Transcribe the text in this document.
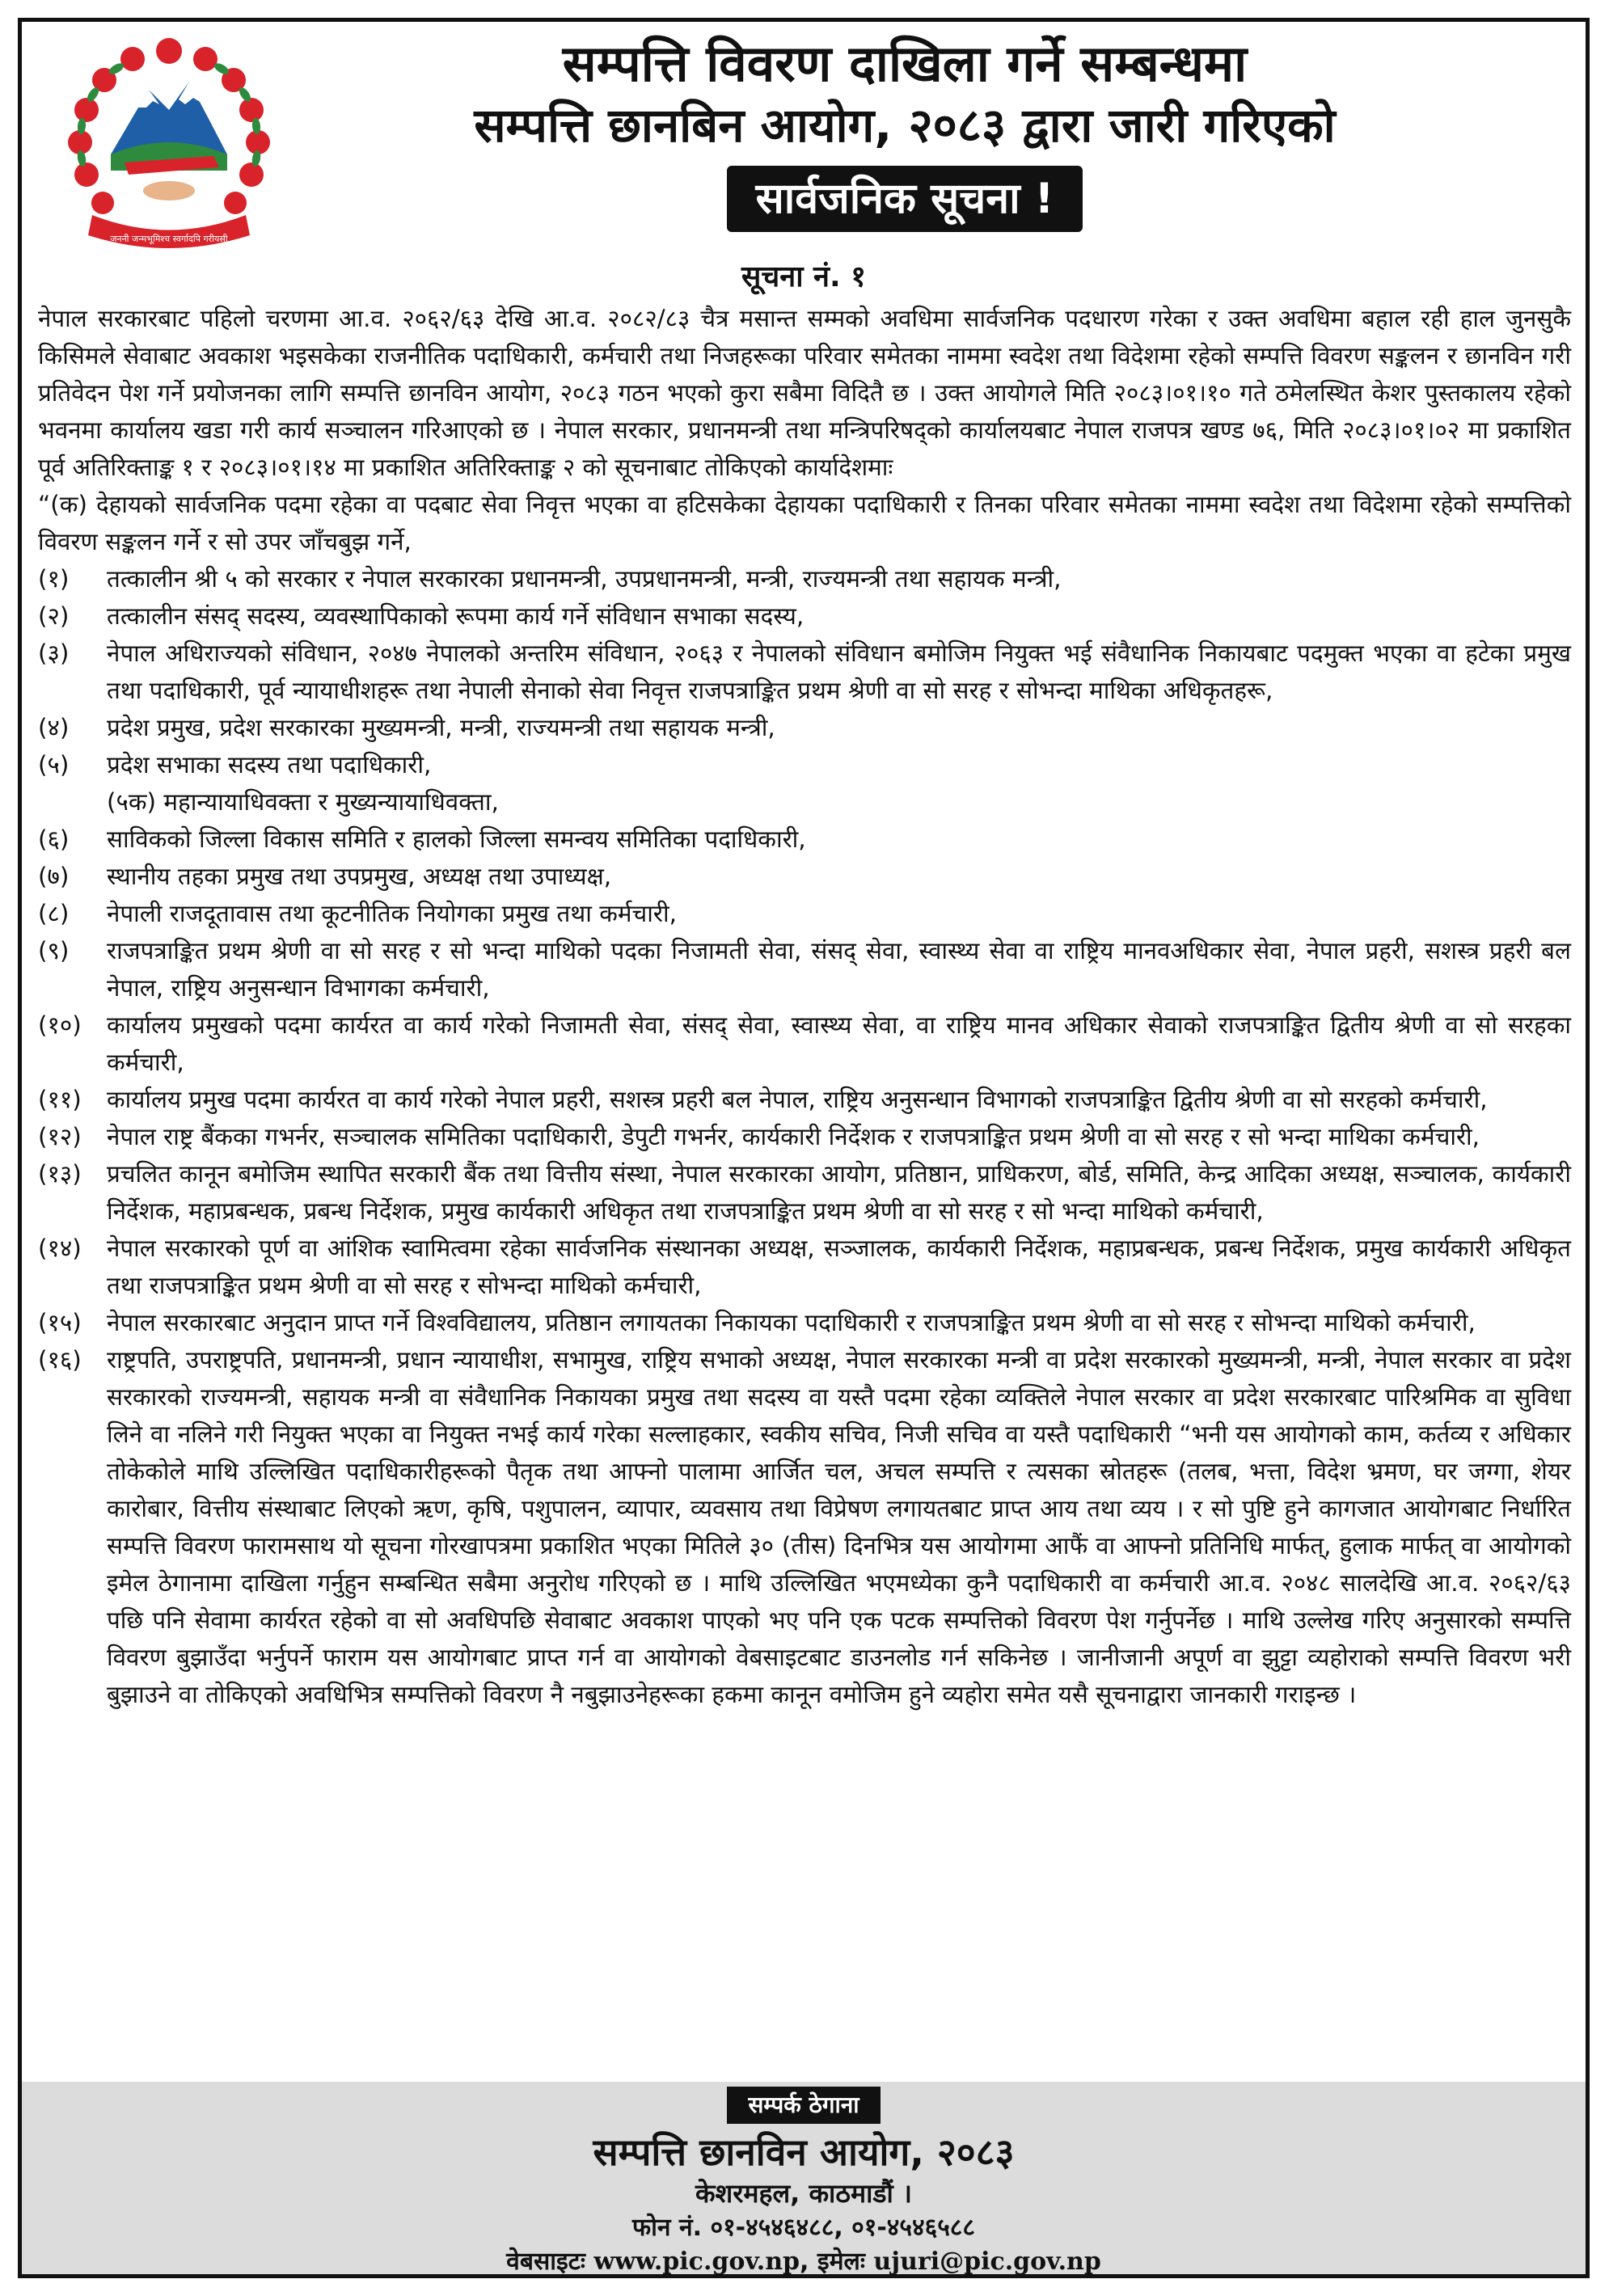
जननी जन्मभूमिश्च स्वर्गादपि गरीयसी
सम्पत्ति विवरण दाखिला गर्ने सम्बन्धमा
सम्पत्ति छानबिन आयोग, २०८३ द्वारा जारी गरिएको
सार्वजनिक सूचना !
सूचना नं. १

नेपाल सरकारबाट पहिलो चरणमा आ.व. २०६२/६३ देखि आ.व. २०८२/८३ चैत्र मसान्त सम्मको अवधिमा सार्वजनिक पदधारण गरेका र उक्त अवधिमा बहाल रही हाल जुनसुकै किसिमले सेवाबाट अवकाश भइसकेका राजनीतिक पदाधिकारी, कर्मचारी तथा निजहरूका परिवार समेतका नाममा स्वदेश तथा विदेशमा रहेको सम्पत्ति विवरण सङ्कलन र छानविन गरी प्रतिवेदन पेश गर्ने प्रयोजनका लागि सम्पत्ति छानविन आयोग, २०८३ गठन भएको कुरा सबैमा विदितै छ । उक्त आयोगले मिति २०८३।०१।१० गते ठमेलस्थित केशर पुस्तकालय रहेको भवनमा कार्यालय खडा गरी कार्य सञ्चालन गरिआएको छ । नेपाल सरकार, प्रधानमन्त्री तथा मन्त्रिपरिषद्को कार्यालयबाट नेपाल राजपत्र खण्ड ७६, मिति २०८३।०१।०२ मा प्रकाशित पूर्व अतिरिक्ताङ्क १ र २०८३।०१।१४ मा प्रकाशित अतिरिक्ताङ्क २ को सूचनाबाट तोकिएको कार्यादेशमाः

“(क) देहायको सार्वजनिक पदमा रहेका वा पदबाट सेवा निवृत्त भएका वा हटिसकेका देहायका पदाधिकारी र तिनका परिवार समेतका नाममा स्वदेश तथा विदेशमा रहेको सम्पत्तिको विवरण सङ्कलन गर्ने र सो उपर जाँचबुझ गर्ने,

(१) तत्कालीन श्री ५ को सरकार र नेपाल सरकारका प्रधानमन्त्री, उपप्रधानमन्त्री, मन्त्री, राज्यमन्त्री तथा सहायक मन्त्री,
(२) तत्कालीन संसद् सदस्य, व्यवस्थापिकाको रूपमा कार्य गर्ने संविधान सभाका सदस्य,
(३) नेपाल अधिराज्यको संविधान, २०४७ नेपालको अन्तरिम संविधान, २०६३ र नेपालको संविधान बमोजिम नियुक्त भई संवैधानिक निकायबाट पदमुक्त भएका वा हटेका प्रमुख तथा पदाधिकारी, पूर्व न्यायाधीशहरू तथा नेपाली सेनाको सेवा निवृत्त राजपत्राङ्कित प्रथम श्रेणी वा सो सरह र सोभन्दा माथिका अधिकृतहरू,
(४) प्रदेश प्रमुख, प्रदेश सरकारका मुख्यमन्त्री, मन्त्री, राज्यमन्त्री तथा सहायक मन्त्री,
(५) प्रदेश सभाका सदस्य तथा पदाधिकारी,
(५क) महान्यायाधिवक्ता र मुख्यन्यायाधिवक्ता,
(६) साविकको जिल्ला विकास समिति र हालको जिल्ला समन्वय समितिका पदाधिकारी,
(७) स्थानीय तहका प्रमुख तथा उपप्रमुख, अध्यक्ष तथा उपाध्यक्ष,
(८) नेपाली राजदूतावास तथा कूटनीतिक नियोगका प्रमुख तथा कर्मचारी,
(९) राजपत्राङ्कित प्रथम श्रेणी वा सो सरह र सो भन्दा माथिको पदका निजामती सेवा, संसद् सेवा, स्वास्थ्य सेवा वा राष्ट्रिय मानवअधिकार सेवा, नेपाल प्रहरी, सशस्त्र प्रहरी बल नेपाल, राष्ट्रिय अनुसन्धान विभागका कर्मचारी,
(१०) कार्यालय प्रमुखको पदमा कार्यरत वा कार्य गरेको निजामती सेवा, संसद् सेवा, स्वास्थ्य सेवा, वा राष्ट्रिय मानव अधिकार सेवाको राजपत्राङ्कित द्वितीय श्रेणी वा सो सरहका कर्मचारी,
(११) कार्यालय प्रमुख पदमा कार्यरत वा कार्य गरेको नेपाल प्रहरी, सशस्त्र प्रहरी बल नेपाल, राष्ट्रिय अनुसन्धान विभागको राजपत्राङ्कित द्वितीय श्रेणी वा सो सरहको कर्मचारी,
(१२) नेपाल राष्ट्र बैंकका गभर्नर, सञ्चालक समितिका पदाधिकारी, डेपुटी गभर्नर, कार्यकारी निर्देशक र राजपत्राङ्कित प्रथम श्रेणी वा सो सरह र सो भन्दा माथिका कर्मचारी,
(१३) प्रचलित कानून बमोजिम स्थापित सरकारी बैंक तथा वित्तीय संस्था, नेपाल सरकारका आयोग, प्रतिष्ठान, प्राधिकरण, बोर्ड, समिति, केन्द्र आदिका अध्यक्ष, सञ्चालक, कार्यकारी निर्देशक, महाप्रबन्धक, प्रबन्ध निर्देशक, प्रमुख कार्यकारी अधिकृत तथा राजपत्राङ्कित प्रथम श्रेणी वा सो सरह र सो भन्दा माथिको कर्मचारी,
(१४) नेपाल सरकारको पूर्ण वा आंशिक स्वामित्वमा रहेका सार्वजनिक संस्थानका अध्यक्ष, सञ्जालक, कार्यकारी निर्देशक, महाप्रबन्धक, प्रबन्ध निर्देशक, प्रमुख कार्यकारी अधिकृत तथा राजपत्राङ्कित प्रथम श्रेणी वा सो सरह र सोभन्दा माथिको कर्मचारी,
(१५) नेपाल सरकारबाट अनुदान प्राप्त गर्ने विश्वविद्यालय, प्रतिष्ठान लगायतका निकायका पदाधिकारी र राजपत्राङ्कित प्रथम श्रेणी वा सो सरह र सोभन्दा माथिको कर्मचारी,
(१६) राष्ट्रपति, उपराष्ट्रपति, प्रधानमन्त्री, प्रधान न्यायाधीश, सभामुख, राष्ट्रिय सभाको अध्यक्ष, नेपाल सरकारका मन्त्री वा प्रदेश सरकारको मुख्यमन्त्री, मन्त्री, नेपाल सरकार वा प्रदेश सरकारको राज्यमन्त्री, सहायक मन्त्री वा संवैधानिक निकायका प्रमुख तथा सदस्य वा यस्तै पदमा रहेका व्यक्तिले नेपाल सरकार वा प्रदेश सरकारबाट पारिश्रमिक वा सुविधा लिने वा नलिने गरी नियुक्त भएका वा नियुक्त नभई कार्य गरेका सल्लाहकार, स्वकीय सचिव, निजी सचिव वा यस्तै पदाधिकारी “भनी यस आयोगको काम, कर्तव्य र अधिकार तोकेकोले माथि उल्लिखित पदाधिकारीहरूको पैतृक तथा आफ्नो पालामा आर्जित चल, अचल सम्पत्ति र त्यसका स्रोतहरू (तलब, भत्ता, विदेश भ्रमण, घर जग्गा, शेयर कारोबार, वित्तीय संस्थाबाट लिएको ऋण, कृषि, पशुपालन, व्यापार, व्यवसाय तथा विप्रेषण लगायतबाट प्राप्त आय तथा व्यय । र सो पुष्टि हुने कागजात आयोगबाट निर्धारित सम्पत्ति विवरण फारामसाथ यो सूचना गोरखापत्रमा प्रकाशित भएका मितिले ३० (तीस) दिनभित्र यस आयोगमा आफैं वा आफ्नो प्रतिनिधि मार्फत्, हुलाक मार्फत् वा आयोगको इमेल ठेगानामा दाखिला गर्नुहुन सम्बन्धित सबैमा अनुरोध गरिएको छ । माथि उल्लिखित भएमध्येका कुनै पदाधिकारी वा कर्मचारी आ.व. २०४८ सालदेखि आ.व. २०६२/६३ पछि पनि सेवामा कार्यरत रहेको वा सो अवधिपछि सेवाबाट अवकाश पाएको भए पनि एक पटक सम्पत्तिको विवरण पेश गर्नुपर्नेछ । माथि उल्लेख गरिए अनुसारको सम्पत्ति विवरण बुझाउँदा भर्नुपर्ने फाराम यस आयोगबाट प्राप्त गर्न वा आयोगको वेबसाइटबाट डाउनलोड गर्न सकिनेछ । जानीजानी अपूर्ण वा झुट्टा व्यहोराको सम्पत्ति विवरण भरी बुझाउने वा तोकिएको अवधिभित्र सम्पत्तिको विवरण नै नबुझाउनेहरूका हकमा कानून वमोजिम हुने व्यहोरा समेत यसै सूचनाद्वारा जानकारी गराइन्छ ।
सम्पर्क ठेगाना
सम्पत्ति छानविन आयोग, २०८३
केशरमहल, काठमाडौं ।
फोन नं. ०१-४५४६४८८, ०१-४५४६५८८
वेबसाइटः www.pic.gov.np, इमेलः ujuri@pic.gov.np
